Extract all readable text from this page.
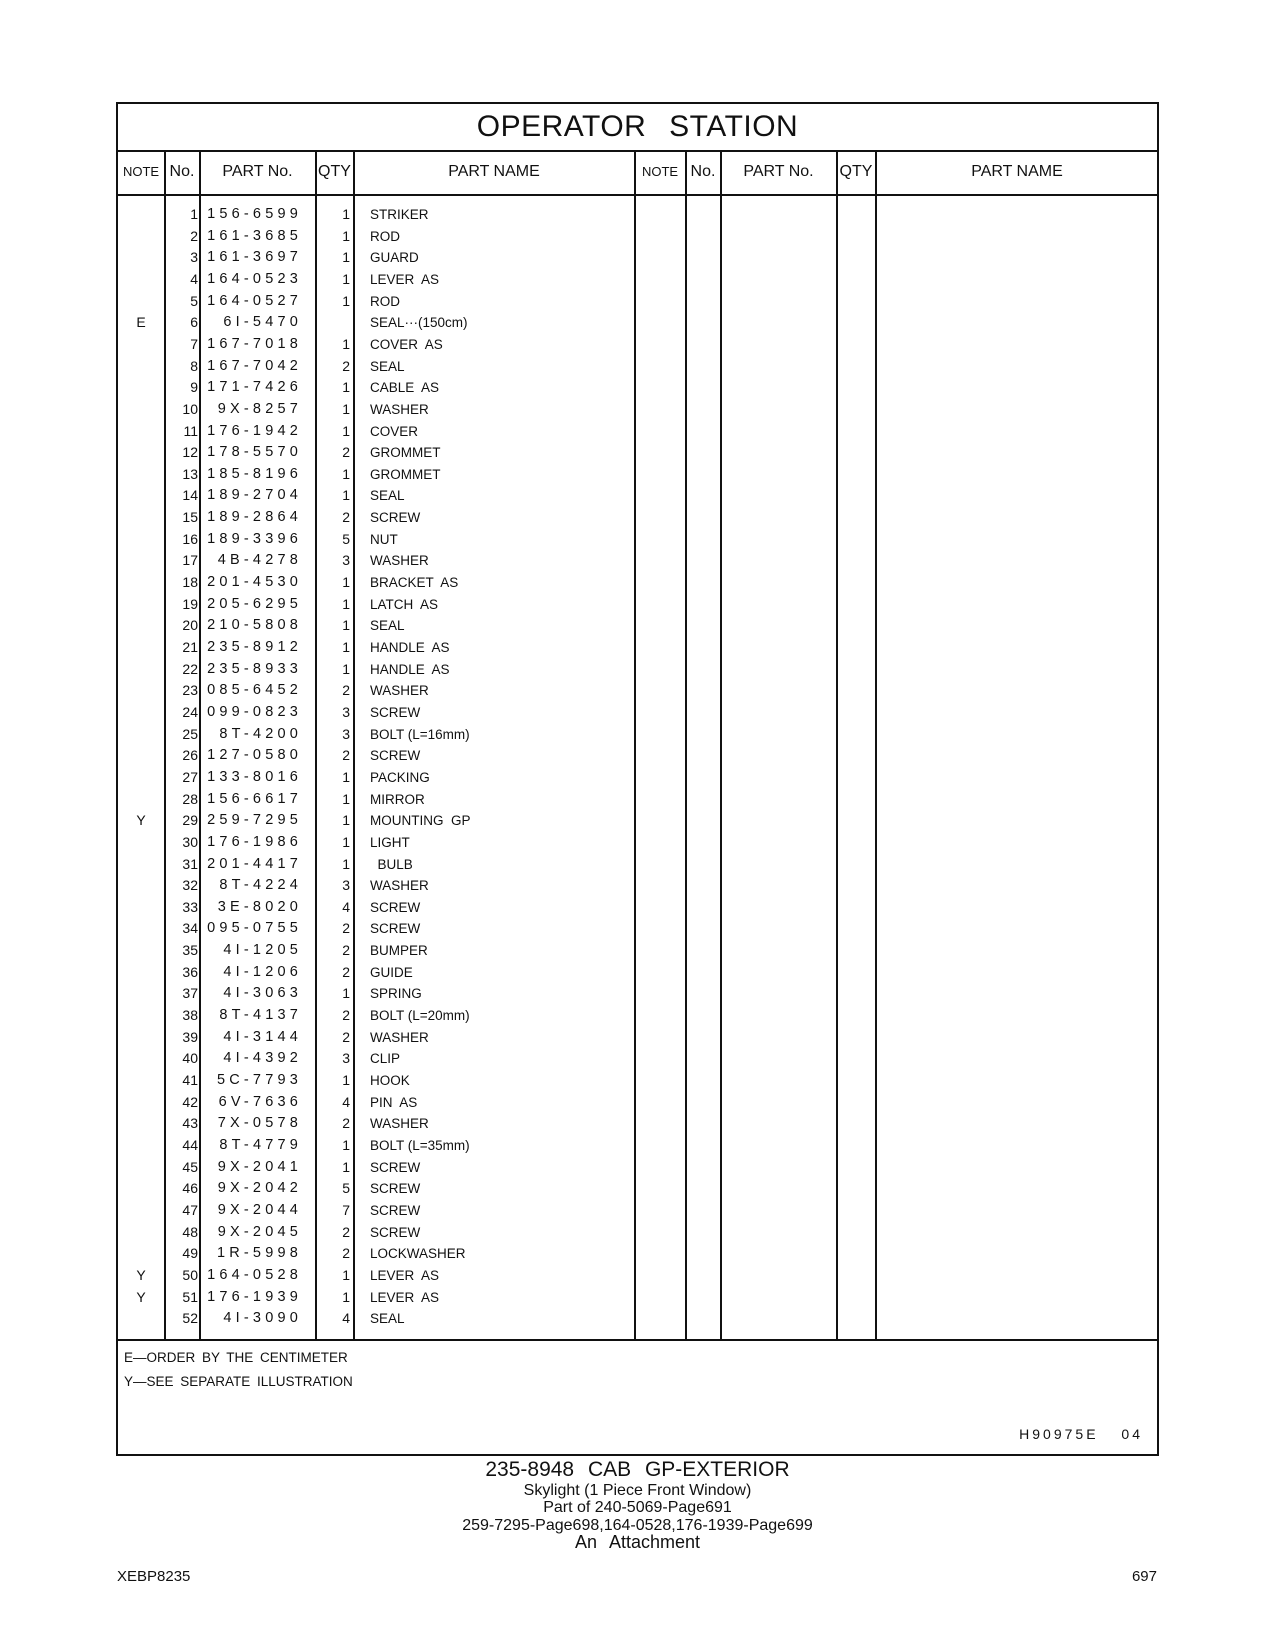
OPERATOR STATION
NOTE No.	PART No.	QTY	PART NAME	NOTE No.	PART No.	QTY	PART NAME
1 156-6599	1 STRIKER
2 161-3685	1 ROD
3 161-3697	1 GUARD
4 164-0523	1 LEVER  AS
5 164-0527	1 ROD
E	6	6I-5470	SEAL···(150cm)
7 167-7018	1 COVER  AS
8 167-7042	2 SEAL
9 171-7426	1 CABLE  AS
10	9X-8257	1 WASHER
11 176-1942	1 COVER
12 178-5570	2 GROMMET
13 185-8196	1 GROMMET
14 189-2704	1 SEAL
15 189-2864	2 SCREW
16 189-3396	5 NUT
17	4B-4278	3 WASHER
18 201-4530	1 BRACKET  AS
19 205-6295	1 LATCH  AS
20 210-5808	1 SEAL
21 235-8912	1 HANDLE  AS
22 235-8933	1 HANDLE  AS
23 085-6452	2 WASHER
24 099-0823	3 SCREW
25	8T-4200	3 BOLT (L=16mm)
26 127-0580	2 SCREW
27 133-8016	1 PACKING
28 156-6617	1 MIRROR
Y	29 259-7295	1 MOUNTING  GP
30 176-1986	1 LIGHT
31 201-4417	1 BULB
32	8T-4224	3 WASHER
33	3E-8020	4 SCREW
34 095-0755	2 SCREW
35	4I-1205	2 BUMPER
36	4I-1206	2 GUIDE
37	4I-3063	1 SPRING
38	8T-4137	2 BOLT (L=20mm)
39	4I-3144	2 WASHER
40	4I-4392	3 CLIP
41	5C-7793	1 HOOK
42	6V-7636	4 PIN  AS
43	7X-0578	2 WASHER
44	8T-4779	1 BOLT (L=35mm)
45	9X-2041	1 SCREW
46	9X-2042	5 SCREW
47	9X-2044	7 SCREW
48	9X-2045	2 SCREW
49	1R-5998	2 LOCKWASHER
Y	50 164-0528	1 LEVER  AS
Y	51 176-1939	1 LEVER  AS
52	4I-3090	4 SEAL
E—ORDER BY THE CENTIMETER
Y—SEE SEPARATE ILLUSTRATION
H90975E 04
235-8948 CAB GP-EXTERIOR
Skylight (1 Piece Front Window)
Part of 240-5069-Page691
259-7295-Page698,164-0528,176-1939-Page699
An Attachment
XEBP8235	697
